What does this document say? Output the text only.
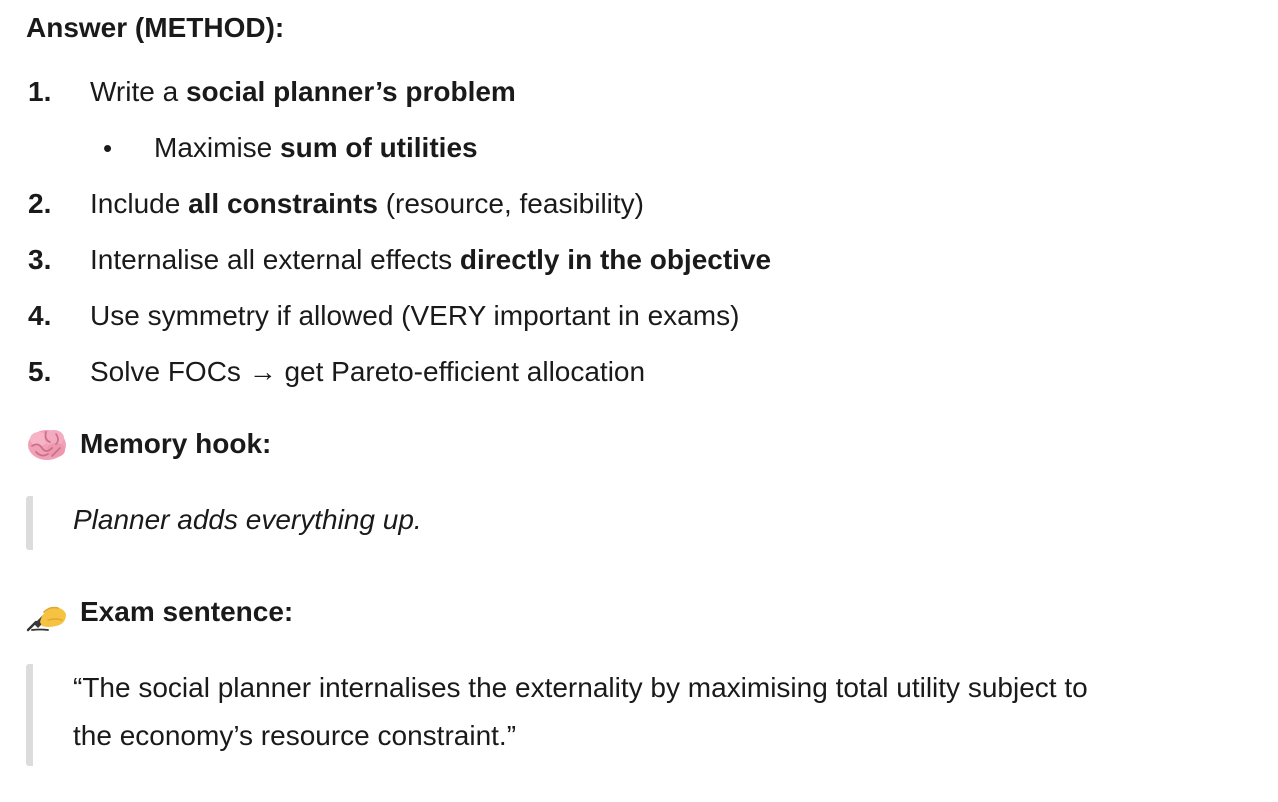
Answer (METHOD):
1.	Write a social planner’s problem
• Maximise sum of utilities
2.	Include all constraints (resource, feasibility)
3.	Internalise all external effects directly in the objective
4.	Use symmetry if allowed (VERY important in exams)
5.	Solve FOCs → get Pareto-efficient allocation
Memory hook:
Planner adds everything up.
Exam sentence:
“The social planner internalises the externality by maximising total utility subject to
the economy’s resource constraint.”
